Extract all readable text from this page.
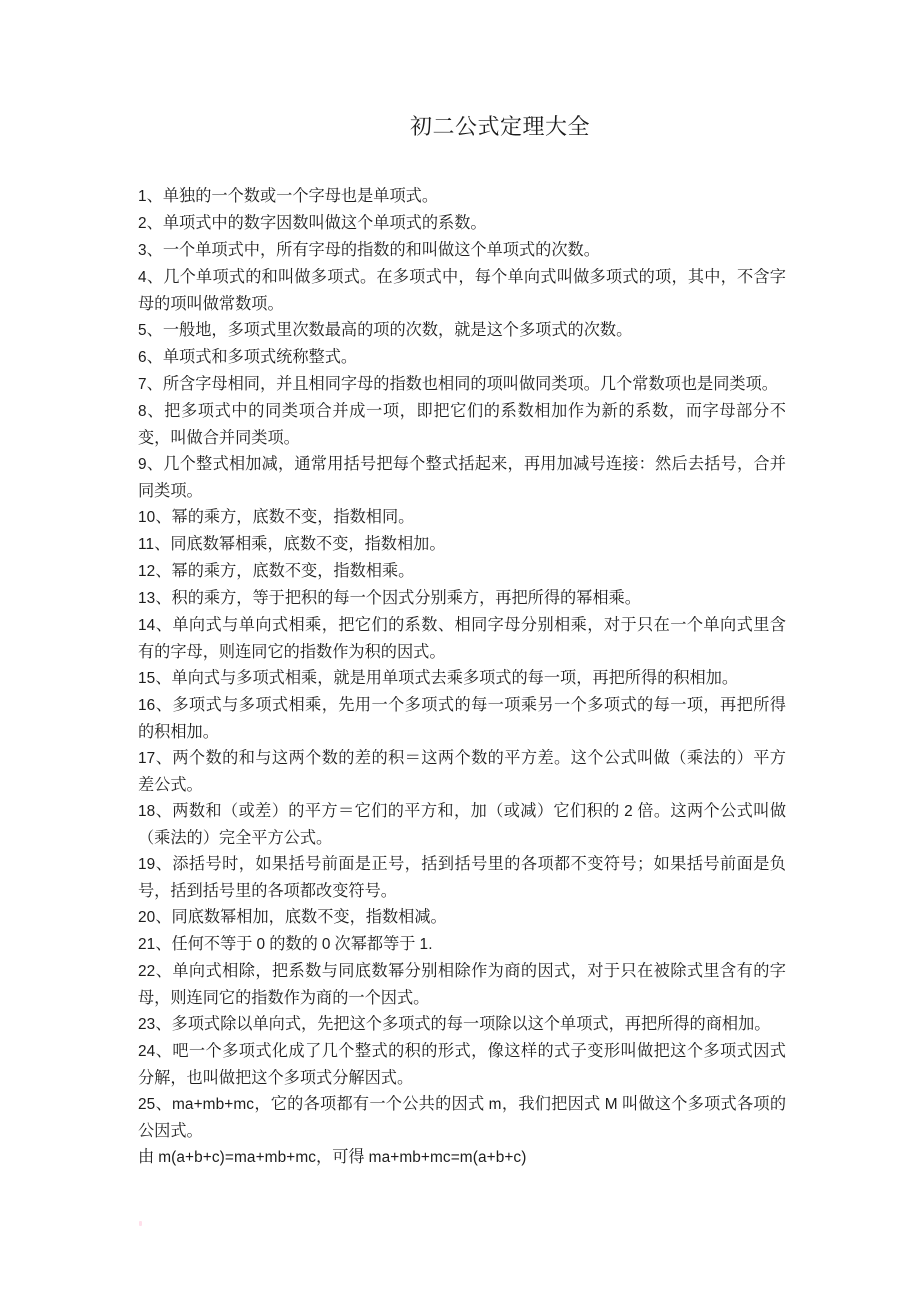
初二公式定理大全

1、单独的一个数或一个字母也是单项式。

2、单项式中的数字因数叫做这个单项式的系数。

3、一个单项式中，所有字母的指数的和叫做这个单项式的次数。

4、几个单项式的和叫做多项式。在多项式中，每个单向式叫做多项式的项，其中，不含字母的项叫做常数项。

5、一般地，多项式里次数最高的项的次数，就是这个多项式的次数。

6、单项式和多项式统称整式。

7、所含字母相同，并且相同字母的指数也相同的项叫做同类项。几个常数项也是同类项。

8、把多项式中的同类项合并成一项，即把它们的系数相加作为新的系数，而字母部分不变，叫做合并同类项。

9、几个整式相加减，通常用括号把每个整式括起来，再用加减号连接：然后去括号，合并同类项。

10、幂的乘方，底数不变，指数相同。

11、同底数幂相乘，底数不变，指数相加。

12、幂的乘方，底数不变，指数相乘。

13、积的乘方，等于把积的每一个因式分别乘方，再把所得的幂相乘。

14、单向式与单向式相乘，把它们的系数、相同字母分别相乘，对于只在一个单向式里含有的字母，则连同它的指数作为积的因式。

15、单向式与多项式相乘，就是用单项式去乘多项式的每一项，再把所得的积相加。

16、多项式与多项式相乘，先用一个多项式的每一项乘另一个多项式的每一项，再把所得的积相加。

17、两个数的和与这两个数的差的积＝这两个数的平方差。这个公式叫做（乘法的）平方差公式。

18、两数和（或差）的平方＝它们的平方和，加（或减）它们积的 2 倍。这两个公式叫做（乘法的）完全平方公式。

19、添括号时，如果括号前面是正号，括到括号里的各项都不变符号；如果括号前面是负号，括到括号里的各项都改变符号。

20、同底数幂相加，底数不变，指数相减。

21、任何不等于 0 的数的 0 次幂都等于 1.

22、单向式相除，把系数与同底数幂分别相除作为商的因式，对于只在被除式里含有的字母，则连同它的指数作为商的一个因式。

23、多项式除以单向式，先把这个多项式的每一项除以这个单项式，再把所得的商相加。

24、吧一个多项式化成了几个整式的积的形式，像这样的式子变形叫做把这个多项式因式分解，也叫做把这个多项式分解因式。

25、ma+mb+mc，它的各项都有一个公共的因式 m，我们把因式 M 叫做这个多项式各项的公因式。

由 m(a+b+c)=ma+mb+mc，可得 ma+mb+mc=m(a+b+c)
